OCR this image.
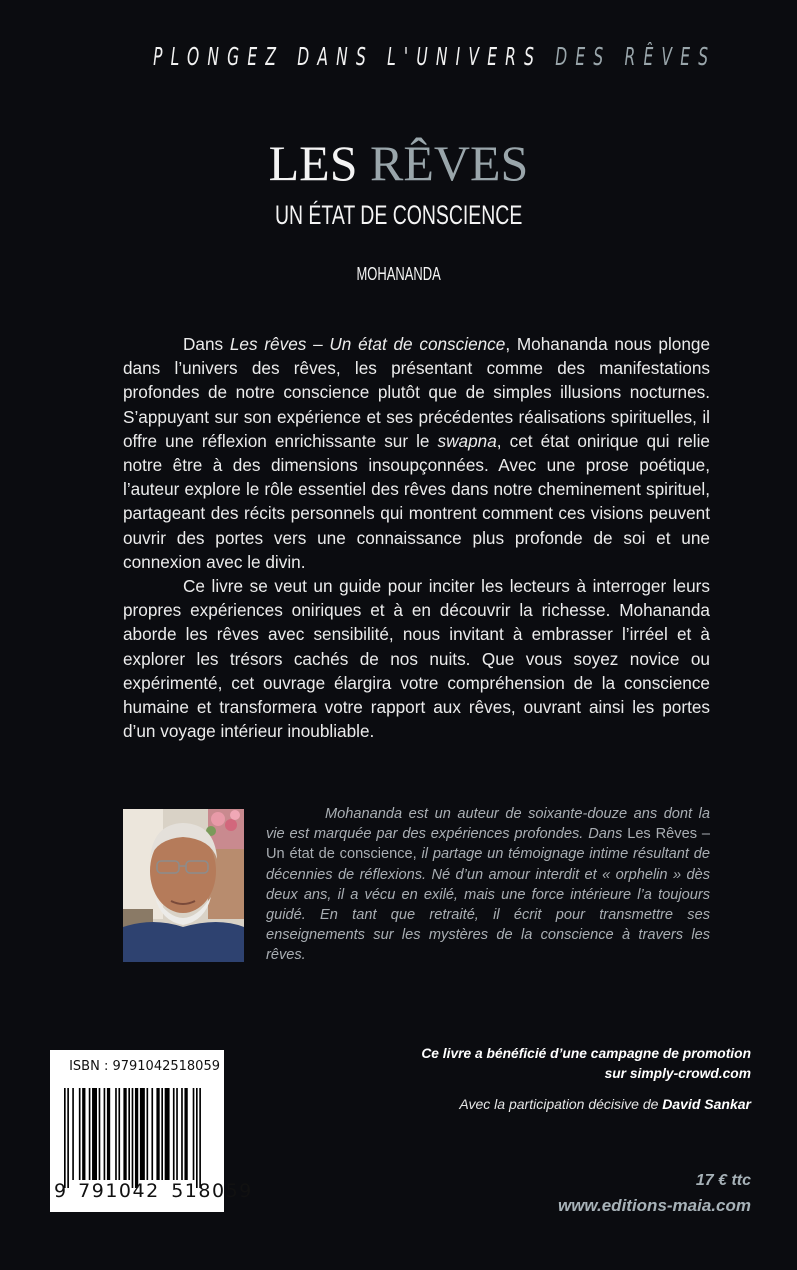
PLONGEZ DANS L'UNIVERS DES RÊVES
LES RÊVES
UN ÉTAT DE CONSCIENCE
MOHANANDA

Dans Les rêves – Un état de conscience, Mohananda nous plonge dans l’univers des rêves, les présentant comme des manifestations profondes de notre conscience plutôt que de simples illusions nocturnes. S’appuyant sur son expérience et ses précédentes réalisations spirituelles, il offre une réflexion enrichissante sur le swapna, cet état onirique qui relie notre être à des dimensions insoupçonnées. Avec une prose poétique, l’auteur explore le rôle essentiel des rêves dans notre cheminement spirituel, partageant des récits personnels qui montrent comment ces visions peuvent ouvrir des portes vers une connaissance plus profonde de soi et une connexion avec le divin.

Ce livre se veut un guide pour inciter les lecteurs à interroger leurs propres expériences oniriques et à en découvrir la richesse. Mohananda aborde les rêves avec sensibilité, nous invitant à embrasser l’irréel et à explorer les trésors cachés de nos nuits. Que vous soyez novice ou expérimenté, cet ouvrage élargira votre compréhension de la conscience humaine et transformera votre rapport aux rêves, ouvrant ainsi les portes d’un voyage intérieur inoubliable.

Mohananda est un auteur de soixante-douze ans dont la vie est marquée par des expériences profondes. Dans Les Rêves – Un état de conscience, il partage un témoignage intime résultant de décennies de réflexions. Né d’un amour interdit et « orphelin » dès deux ans, il a vécu en exilé, mais une force intérieure l’a toujours guidé. En tant que retraité, il écrit pour transmettre ses enseignements sur les mystères de la conscience à travers les rêves.

ISBN : 9791042518059
9 791042 518059
Ce livre a bénéficié d’une campagne de promotion
sur simply-crowd.com
Avec la participation décisive de David Sankar
17 € ttc
www.editions-maia.com
